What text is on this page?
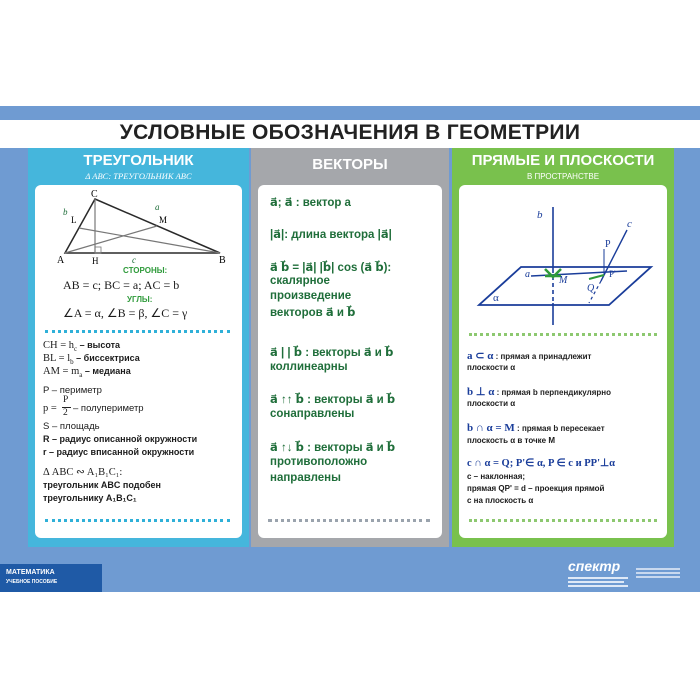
УСЛОВНЫЕ ОБОЗНАЧЕНИЯ В ГЕОМЕТРИИ
ТРЕУГОЛЬНИК
Δ ABC: ТРЕУГОЛЬНИК ABC
C
A	B
H	c
L	M
a
b
СТОРОНЫ:
AB = c; BC = a; AC = b
УГЛЫ:
∠A = α, ∠B = β, ∠C = γ
CH = $h_c$ – высота
BL = $l_b$ – биссектриса
AM = $m_a$ – медиана
P – периметр
p =
P
2 – полупериметр
S – площадь
R – радиус описанной окружности
r – радиус вписанной окружности
Δ ABC ∾ A₁B₁C₁:
треугольник ABC подобен
треугольнику A₁B₁C₁
ВЕКТОРЫ
a⃗; a⃗ : вектор a
|a⃗|: длина вектора |a⃗|
a⃗ b⃗ = |a⃗| |b⃗| cos (a⃗ b⃗):
скалярное
произведение
векторов a⃗ и b⃗
a⃗ | | b⃗ : векторы a⃗ и b⃗
коллинеарны
a⃗ ↑↑ b⃗ : векторы a⃗ и b⃗
сонаправлены
a⃗ ↑↓ b⃗ : векторы a⃗ и b⃗
противоположно
направлены
ПРЯМЫЕ И ПЛОСКОСТИ
В ПРОСТРАНСТВЕ
b
c
P
P'
M
Q
a
α
a ⊂ α : прямая a принадлежит
плоскости α
b ⊥ α : прямая b перпендикулярно
плоскости α
b ∩ α = M : прямая b пересекает
плоскость α в точке M
c ∩ α = Q; P'∈ α, P ∈ c и PP'⊥α
c – наклонная;
прямая QP' = d – проекция прямой
c на плоскость α
МАТЕМАТИКА
УЧЕБНОЕ ПОСОБИЕ
спектр
